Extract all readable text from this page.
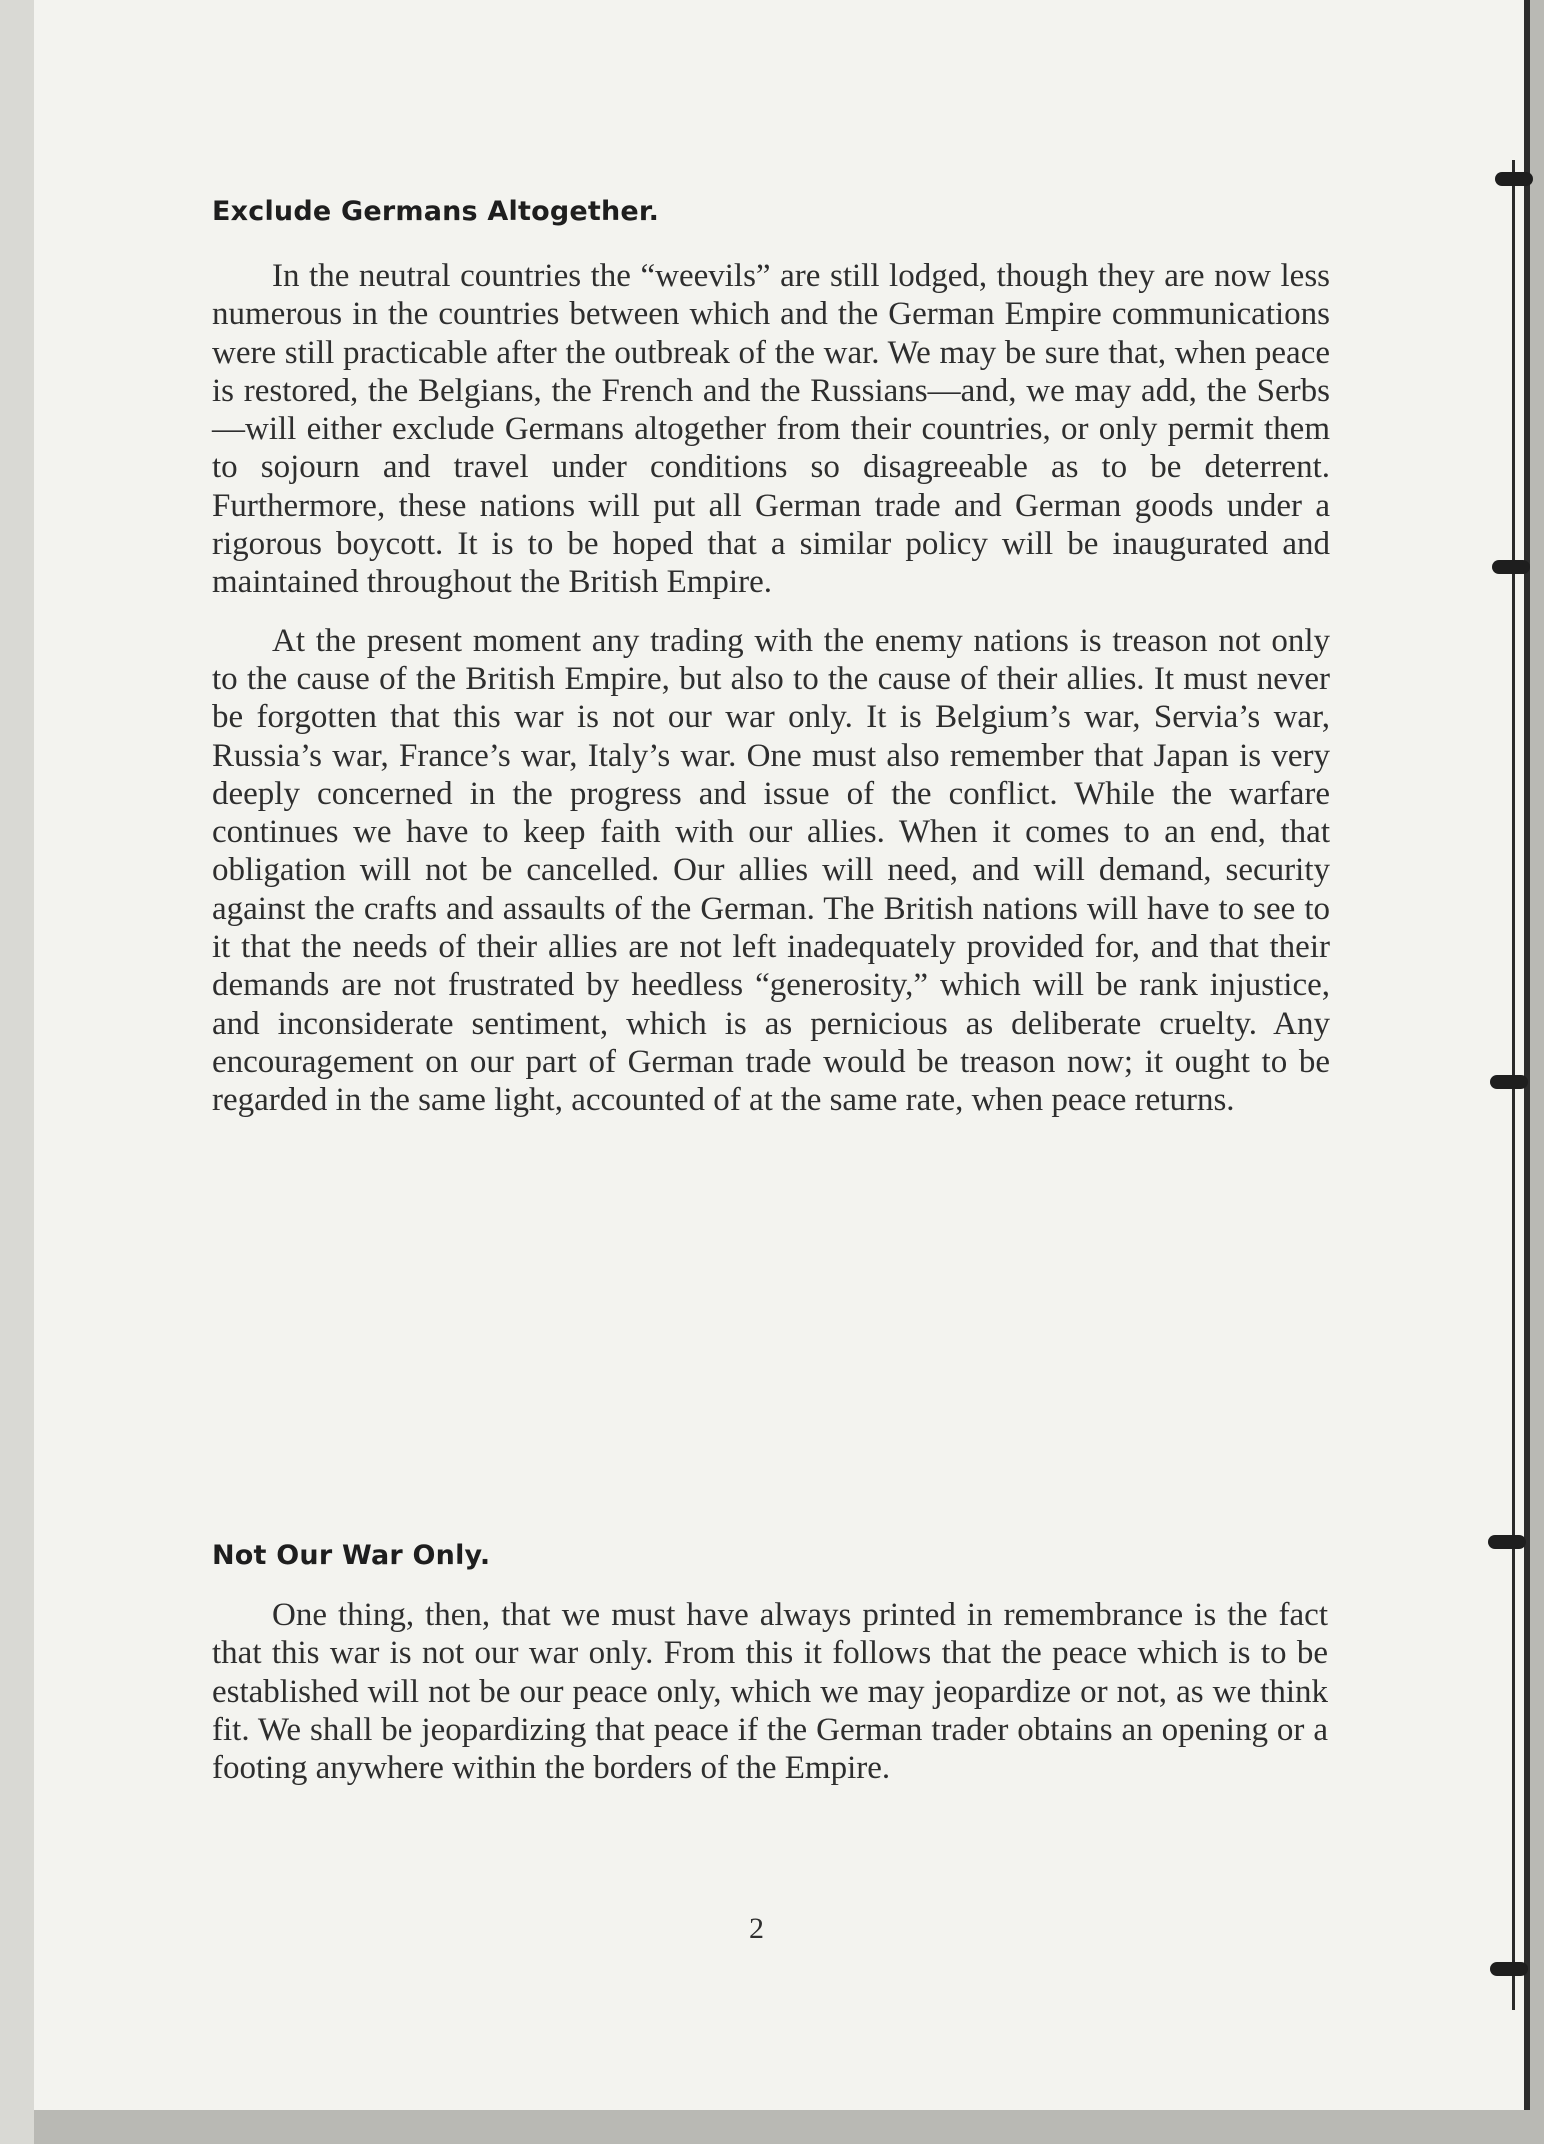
Exclude Germans Altogether.

In the neutral countries the “weevils” are still lodged, though they are now less numerous in the countries between which and the German Empire communications were still practicable after the outbreak of the war. We may be sure that, when peace is restored, the Belgians, the French and the Russians—and, we may add, the Serbs—will either exclude Germans altogether from their countries, or only permit them to sojourn and travel under conditions so disagreeable as to be deterrent. Furthermore, these nations will put all German trade and German goods under a rigorous boycott. It is to be hoped that a similar policy will be inaugurated and maintained throughout the British Empire.

At the present moment any trading with the enemy nations is treason not only to the cause of the British Empire, but also to the cause of their allies. It must never be forgotten that this war is not our war only. It is Belgium’s war, Servia’s war, Russia’s war, France’s war, Italy’s war. One must also remember that Japan is very deeply concerned in the progress and issue of the conflict. While the warfare continues we have to keep faith with our allies. When it comes to an end, that obligation will not be cancelled. Our allies will need, and will demand, security against the crafts and assaults of the German. The British nations will have to see to it that the needs of their allies are not left inadequately provided for, and that their demands are not frustrated by heedless “generosity,” which will be rank injustice, and inconsiderate sentiment, which is as pernicious as deliberate cruelty. Any encouragement on our part of German trade would be treason now; it ought to be regarded in the same light, accounted of at the same rate, when peace returns.

Not Our War Only.

One thing, then, that we must have always printed in remembrance is the fact that this war is not our war only. From this it follows that the peace which is to be established will not be our peace only, which we may jeopardize or not, as we think fit. We shall be jeopardizing that peace if the German trader obtains an opening or a footing anywhere within the borders of the Empire.

2
